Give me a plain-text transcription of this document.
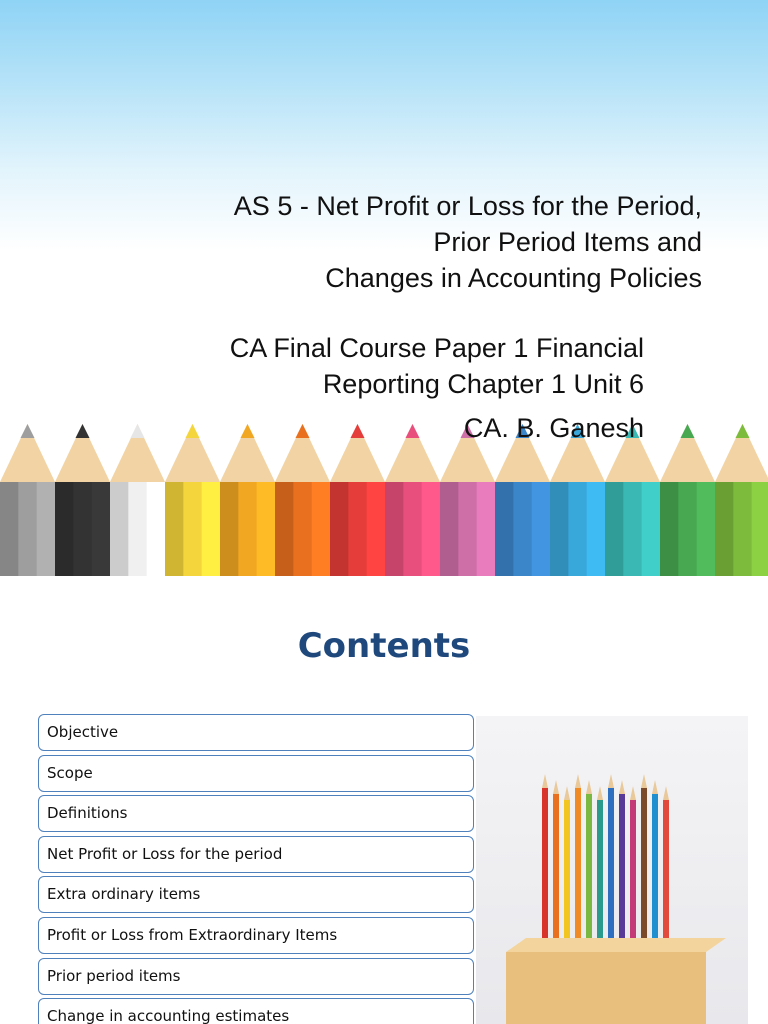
AS 5 - Net Profit or Loss for the Period,
Prior Period Items and
Changes in Accounting Policies
CA Final Course Paper 1 Financial
Reporting Chapter 1 Unit 6
CA. B. Ganesh
Contents
Objective
Scope
Definitions
Net Profit or Loss for the period
Extra ordinary items
Profit or Loss from Extraordinary Items
Prior period items
Change in accounting estimates
